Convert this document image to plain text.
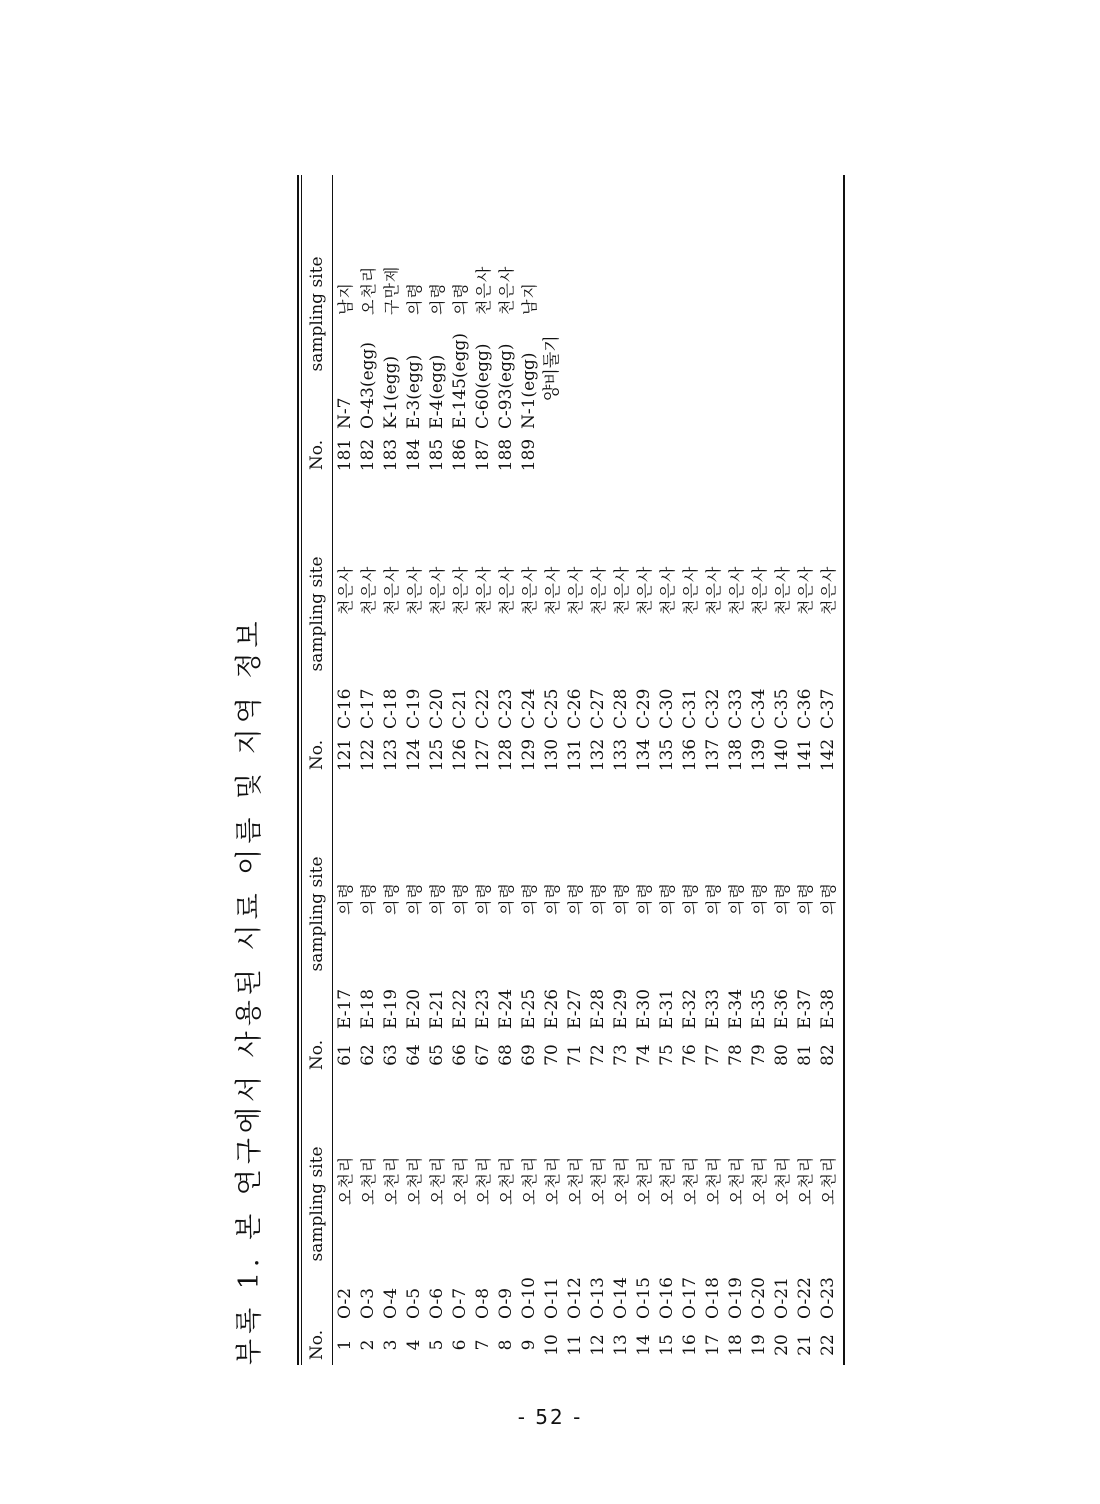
부록 1. 본 연구에서 사용된 시료 이름 및 지역 정보 No.
sampling site
No.
sampling site
No.
sampling site
No.
sampling site
1
O-2
오천리
2
O-3
오천리
3
O-4
오천리
4
O-5
오천리
5
O-6
오천리
6
O-7
오천리
7
O-8
오천리
8
O-9
오천리
9
O-10
오천리
10
O-11
오천리
11
O-12
오천리
12
O-13
오천리
13
O-14
오천리
14
O-15
오천리
15
O-16
오천리
16
O-17
오천리
17
O-18
오천리
18
O-19
오천리
19
O-20
오천리
20
O-21
오천리
21
O-22
오천리
22
O-23
오천리
61
E-17
의령
62
E-18
의령
63
E-19
의령
64
E-20
의령
65
E-21
의령
66
E-22
의령
67
E-23
의령
68
E-24
의령
69
E-25
의령
70
E-26
의령
71
E-27
의령
72
E-28
의령
73
E-29
의령
74
E-30
의령
75
E-31
의령
76
E-32
의령
77
E-33
의령
78
E-34
의령
79
E-35
의령
80
E-36
의령
81
E-37
의령
82
E-38
의령
121
C-16
천은사
122
C-17
천은사
123
C-18
천은사
124
C-19
천은사
125
C-20
천은사
126
C-21
천은사
127
C-22
천은사
128
C-23
천은사
129
C-24
천은사
130
C-25
천은사
131
C-26
천은사
132
C-27
천은사
133
C-28
천은사
134
C-29
천은사
135
C-30
천은사
136
C-31
천은사
137
C-32
천은사
138
C-33
천은사
139
C-34
천은사
140
C-35
천은사
141
C-36
천은사
142
C-37
천은사
181
N-7
남지
182
O-43(egg)
오천리
183
K-1(egg)
구만제
184
E-3(egg)
의령
185
E-4(egg)
의령
186
E-145(egg)
의령
187
C-60(egg)
천은사
188
C-93(egg)
천은사
189
N-1(egg)
남지
양비둘기
- 52 -
